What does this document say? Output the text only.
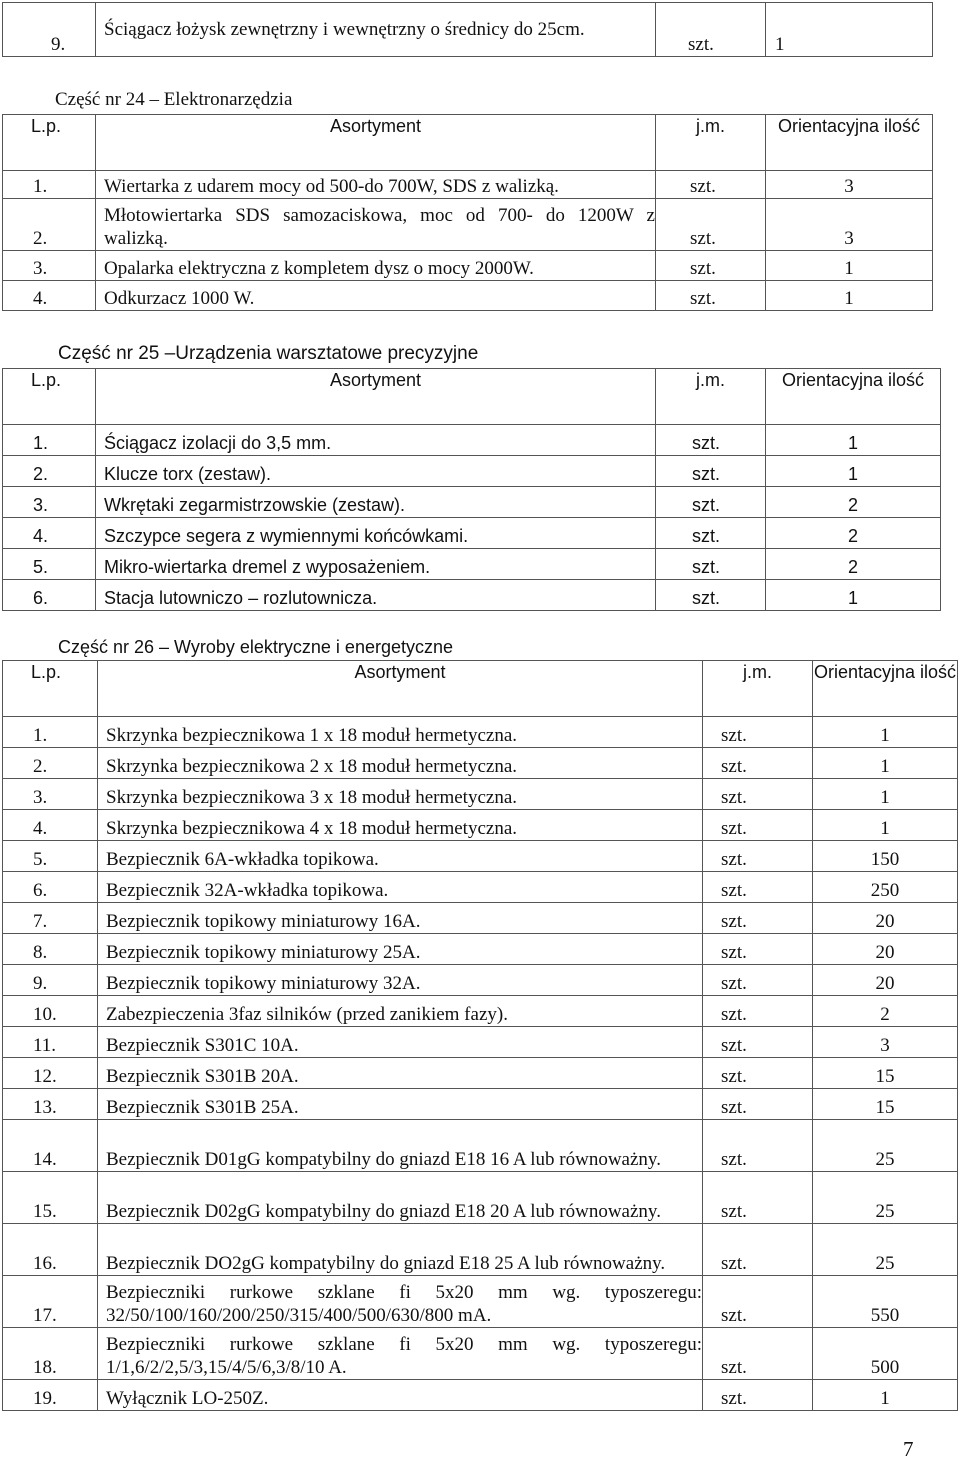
9.	Ściągacz łożysk zewnętrzny i wewnętrzny o średnicy do 25cm.	szt.	1
Część nr 24 – Elektronarzędzia
L.p.	Asortyment	j.m.	Orientacyjna ilość
1.	Wiertarka z udarem mocy od 500-do 700W, SDS z walizką.	szt.	3
2.	Młotowiertarka SDS samozaciskowa, moc od 700- do 1200W z walizką.	szt.	3
3.	Opalarka elektryczna z kompletem dysz o mocy 2000W.	szt.	1
4.	Odkurzacz 1000 W.	szt.	1
Część nr 25 –Urządzenia warsztatowe precyzyjne
L.p.	Asortyment	j.m.	Orientacyjna ilość
1.	Ściągacz izolacji do 3,5 mm.	szt.	1
2.	Klucze torx (zestaw).	szt.	1
3.	Wkrętaki zegarmistrzowskie (zestaw).	szt.	2
4.	Szczypce segera z wymiennymi końcówkami.	szt.	2
5.	Mikro-wiertarka dremel z wyposażeniem.	szt.	2
6.	Stacja lutowniczo – rozlutownicza.	szt.	1
Część nr 26 – Wyroby elektryczne i energetyczne
L.p.	Asortyment	j.m.	Orientacyjna ilość
1.	Skrzynka bezpiecznikowa 1 x 18 moduł hermetyczna.	szt.	1
2.	Skrzynka bezpiecznikowa 2 x 18 moduł hermetyczna.	szt.	1
3.	Skrzynka bezpiecznikowa 3 x 18 moduł hermetyczna.	szt.	1
4.	Skrzynka bezpiecznikowa 4 x 18 moduł hermetyczna.	szt.	1
5.	Bezpiecznik 6A-wkładka topikowa.	szt.	150
6.	Bezpiecznik 32A-wkładka topikowa.	szt.	250
7.	Bezpiecznik topikowy miniaturowy 16A.	szt.	20
8.	Bezpiecznik topikowy miniaturowy 25A.	szt.	20
9.	Bezpiecznik topikowy miniaturowy 32A.	szt.	20
10.	Zabezpieczenia 3faz silników (przed zanikiem fazy).	szt.	2
11.	Bezpiecznik S301C 10A.	szt.	3
12.	Bezpiecznik S301B 20A.	szt.	15
13.	Bezpiecznik S301B 25A.	szt.	15
14.	Bezpiecznik D01gG kompatybilny do gniazd E18 16 A lub równoważny.	szt.	25
15.	Bezpiecznik D02gG kompatybilny do gniazd E18 20 A lub równoważny.	szt.	25
16.	Bezpiecznik DO2gG kompatybilny do gniazd E18 25 A lub równoważny.	szt.	25
17.	Bezpieczniki rurkowe szklane fi 5x20 mm wg. typoszeregu: 32/50/100/160/200/250/315/400/500/630/800 mA.	szt.	550
18.	Bezpieczniki rurkowe szklane fi 5x20 mm wg. typoszeregu: 1/1,6/2/2,5/3,15/4/5/6,3/8/10 A.	szt.	500
19.	Wyłącznik LO-250Z.	szt.	1
7
